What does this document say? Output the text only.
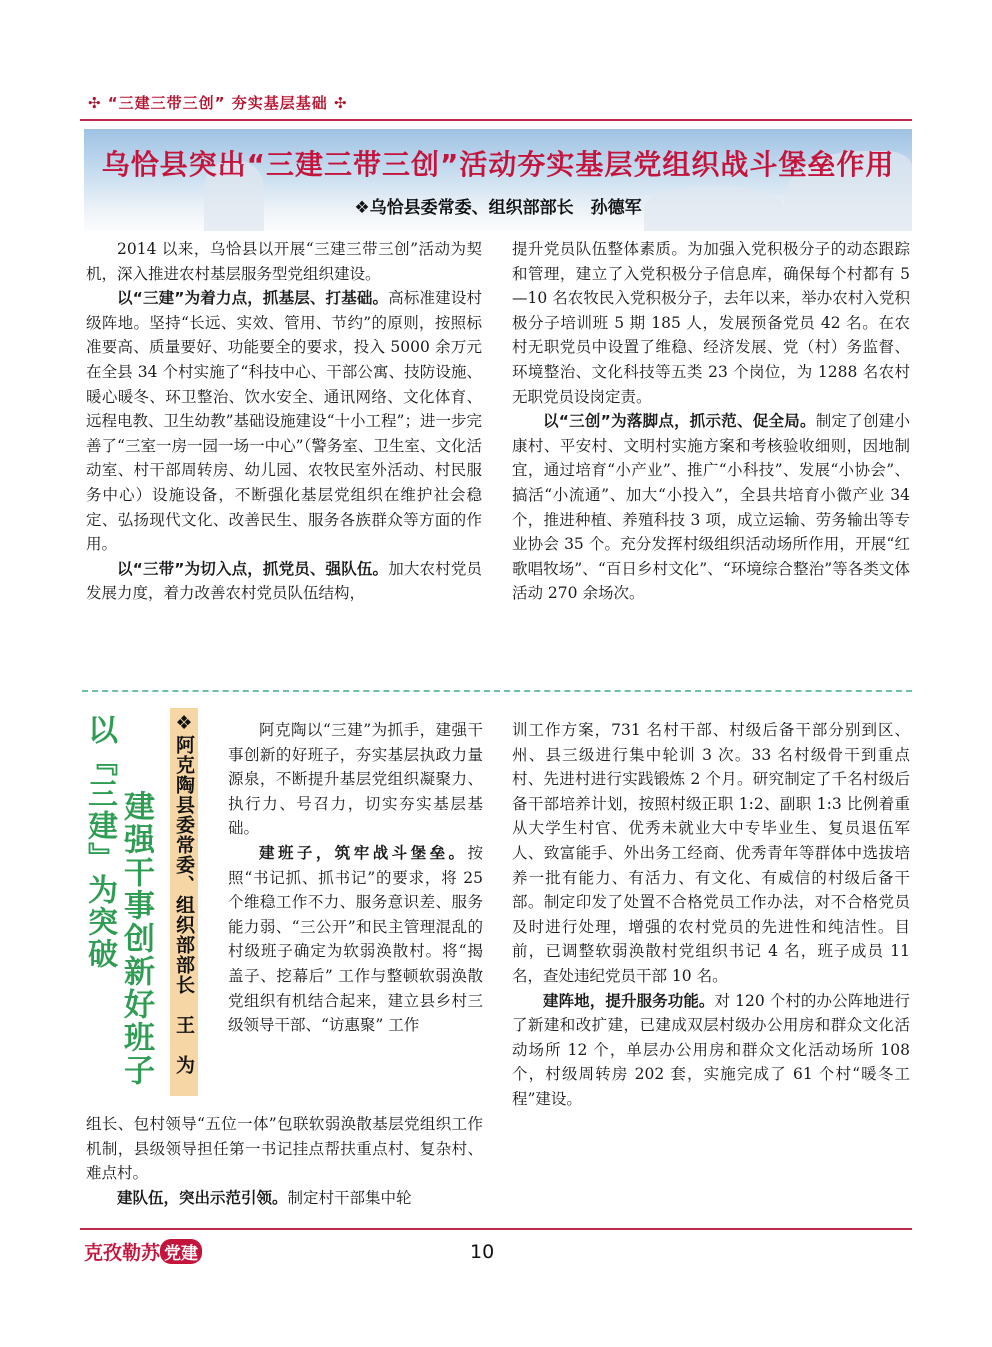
✣ “三建三带三创” 夯实基层基础 ✣
乌恰县突出“三建三带三创”活动夯实基层党组织战斗堡垒作用
❖乌恰县委常委、组织部部长　孙德军

2014 以来，乌恰县以开展“三建三带三创”活动为契机，深入推进农村基层服务型党组织建设。

以“三建”为着力点，抓基层、打基础。高标准建设村级阵地。坚持“长远、实效、管用、节约”的原则，按照标准要高、质量要好、功能要全的要求，投入 5000 余万元在全县 34 个村实施了“科技中心、干部公寓、技防设施、暖心暖冬、环卫整治、饮水安全、通讯网络、文化体育、远程电教、卫生幼教”基础设施建设“十小工程”；进一步完善了“三室一房一园一场一中心”（警务室、卫生室、文化活动室、村干部周转房、幼儿园、农牧民室外活动、村民服务中心）设施设备，不断强化基层党组织在维护社会稳定、弘扬现代文化、改善民生、服务各族群众等方面的作用。

以“三带”为切入点，抓党员、强队伍。加大农村党员发展力度，着力改善农村党员队伍结构，

提升党员队伍整体素质。为加强入党积极分子的动态跟踪和管理，建立了入党积极分子信息库，确保每个村都有 5—10 名农牧民入党积极分子，去年以来，举办农村入党积极分子培训班 5 期 185 人，发展预备党员 42 名。在农村无职党员中设置了维稳、经济发展、党（村）务监督、环境整治、文化科技等五类 23 个岗位，为 1288 名农村无职党员设岗定责。

以“三创”为落脚点，抓示范、促全局。制定了创建小康村、平安村、文明村实施方案和考核验收细则，因地制宜，通过培育“小产业”、推广“小科技”、发展“小协会”、搞活“小流通”、加大“小投入”，全县共培育小微产业 34 个，推进种植、养殖科技 3 项，成立运输、劳务输出等专业协会 35 个。充分发挥村级组织活动场所作用，开展“红歌唱牧场”、“百日乡村文化”、“环境综合整治”等各类文体活动 270 余场次。

以『三建』为突破 建强干事创新好班子 ❖阿克陶县委常委、组织部部长　王　为	阿克陶以“三建”为抓手，建强干事创新的好班子，夯实基层执政力量源泉，不断提升基层党组织凝聚力、执行力、号召力，切实夯实基层基础。

建班子，筑牢战斗堡垒。按照“书记抓、抓书记”的要求，将 25 个维稳工作不力、服务意识差、服务能力弱、“三公开”和民主管理混乱的村级班子确定为软弱涣散村。将“揭盖子、挖幕后” 工作与整顿软弱涣散党组织有机结合起来，建立县乡村三级领导干部、“访惠聚” 工作

组长、包村领导“五位一体”包联软弱涣散基层党组织工作机制，县级领导担任第一书记挂点帮扶重点村、复杂村、难点村。

建队伍，突出示范引领。制定村干部集中轮

训工作方案，731 名村干部、村级后备干部分别到区、州、县三级进行集中轮训 3 次。33 名村级骨干到重点村、先进村进行实践锻炼 2 个月。研究制定了千名村级后备干部培养计划，按照村级正职 1:2、副职 1:3 比例着重从大学生村官、优秀未就业大中专毕业生、复员退伍军人、致富能手、外出务工经商、优秀青年等群体中选拔培养一批有能力、有活力、有文化、有威信的村级后备干部。制定印发了处置不合格党员工作办法，对不合格党员及时进行处理，增强的农村党员的先进性和纯洁性。目前，已调整软弱涣散村党组织书记 4 名，班子成员 11 名，查处违纪党员干部 10 名。

建阵地，提升服务功能。对 120 个村的办公阵地进行了新建和改扩建，已建成双层村级办公用房和群众文化活动场所 12 个，单层办公用房和群众文化活动场所 108 个，村级周转房 202 套，实施完成了 61 个村“暖冬工程”建设。

克孜勒苏 党建	10
